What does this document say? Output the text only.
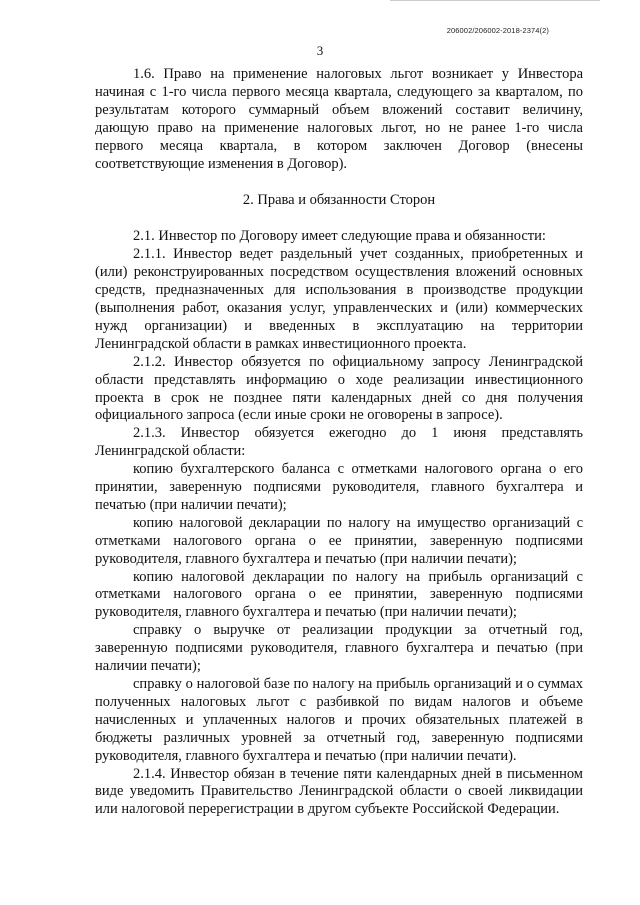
206002/206002-2018-2374(2)
3

1.6. Право на применение налоговых льгот возникает у Инвестора начиная с 1-го числа первого месяца квартала, следующего за кварталом, по результатам которого суммарный объем вложений составит величину, дающую право на применение налоговых льгот, но не ранее 1-го числа первого месяца квартала, в котором заключен Договор (внесены соответствующие изменения в Договор).

2. Права и обязанности Сторон

2.1. Инвестор по Договору имеет следующие права и обязанности:

2.1.1. Инвестор ведет раздельный учет созданных, приобретенных и (или) реконструированных посредством осуществления вложений основных средств, предназначенных для использования в производстве продукции (выполнения работ, оказания услуг, управленческих и (или) коммерческих нужд организации) и введенных в эксплуатацию на территории Ленинградской области в рамках инвестиционного проекта.

2.1.2. Инвестор обязуется по официальному запросу Ленинградской области представлять информацию о ходе реализации инвестиционного проекта в срок не позднее пяти календарных дней со дня получения официального запроса (если иные сроки не оговорены в запросе).

2.1.3. Инвестор обязуется ежегодно до 1 июня представлять Ленинградской области:

копию бухгалтерского баланса с отметками налогового органа о его принятии, заверенную подписями руководителя, главного бухгалтера и печатью (при наличии печати);

копию налоговой декларации по налогу на имущество организаций с отметками налогового органа о ее принятии, заверенную подписями руководителя, главного бухгалтера и печатью (при наличии печати);

копию налоговой декларации по налогу на прибыль организаций с отметками налогового органа о ее принятии, заверенную подписями руководителя, главного бухгалтера и печатью (при наличии печати);

справку о выручке от реализации продукции за отчетный год, заверенную подписями руководителя, главного бухгалтера и печатью (при наличии печати);

справку о налоговой базе по налогу на прибыль организаций и о суммах полученных налоговых льгот с разбивкой по видам налогов и объеме начисленных и уплаченных налогов и прочих обязательных платежей в бюджеты различных уровней за отчетный год, заверенную подписями руководителя, главного бухгалтера и печатью (при наличии печати).

2.1.4. Инвестор обязан в течение пяти календарных дней в письменном виде уведомить Правительство Ленинградской области о своей ликвидации или налоговой перерегистрации в другом субъекте Российской Федерации.
